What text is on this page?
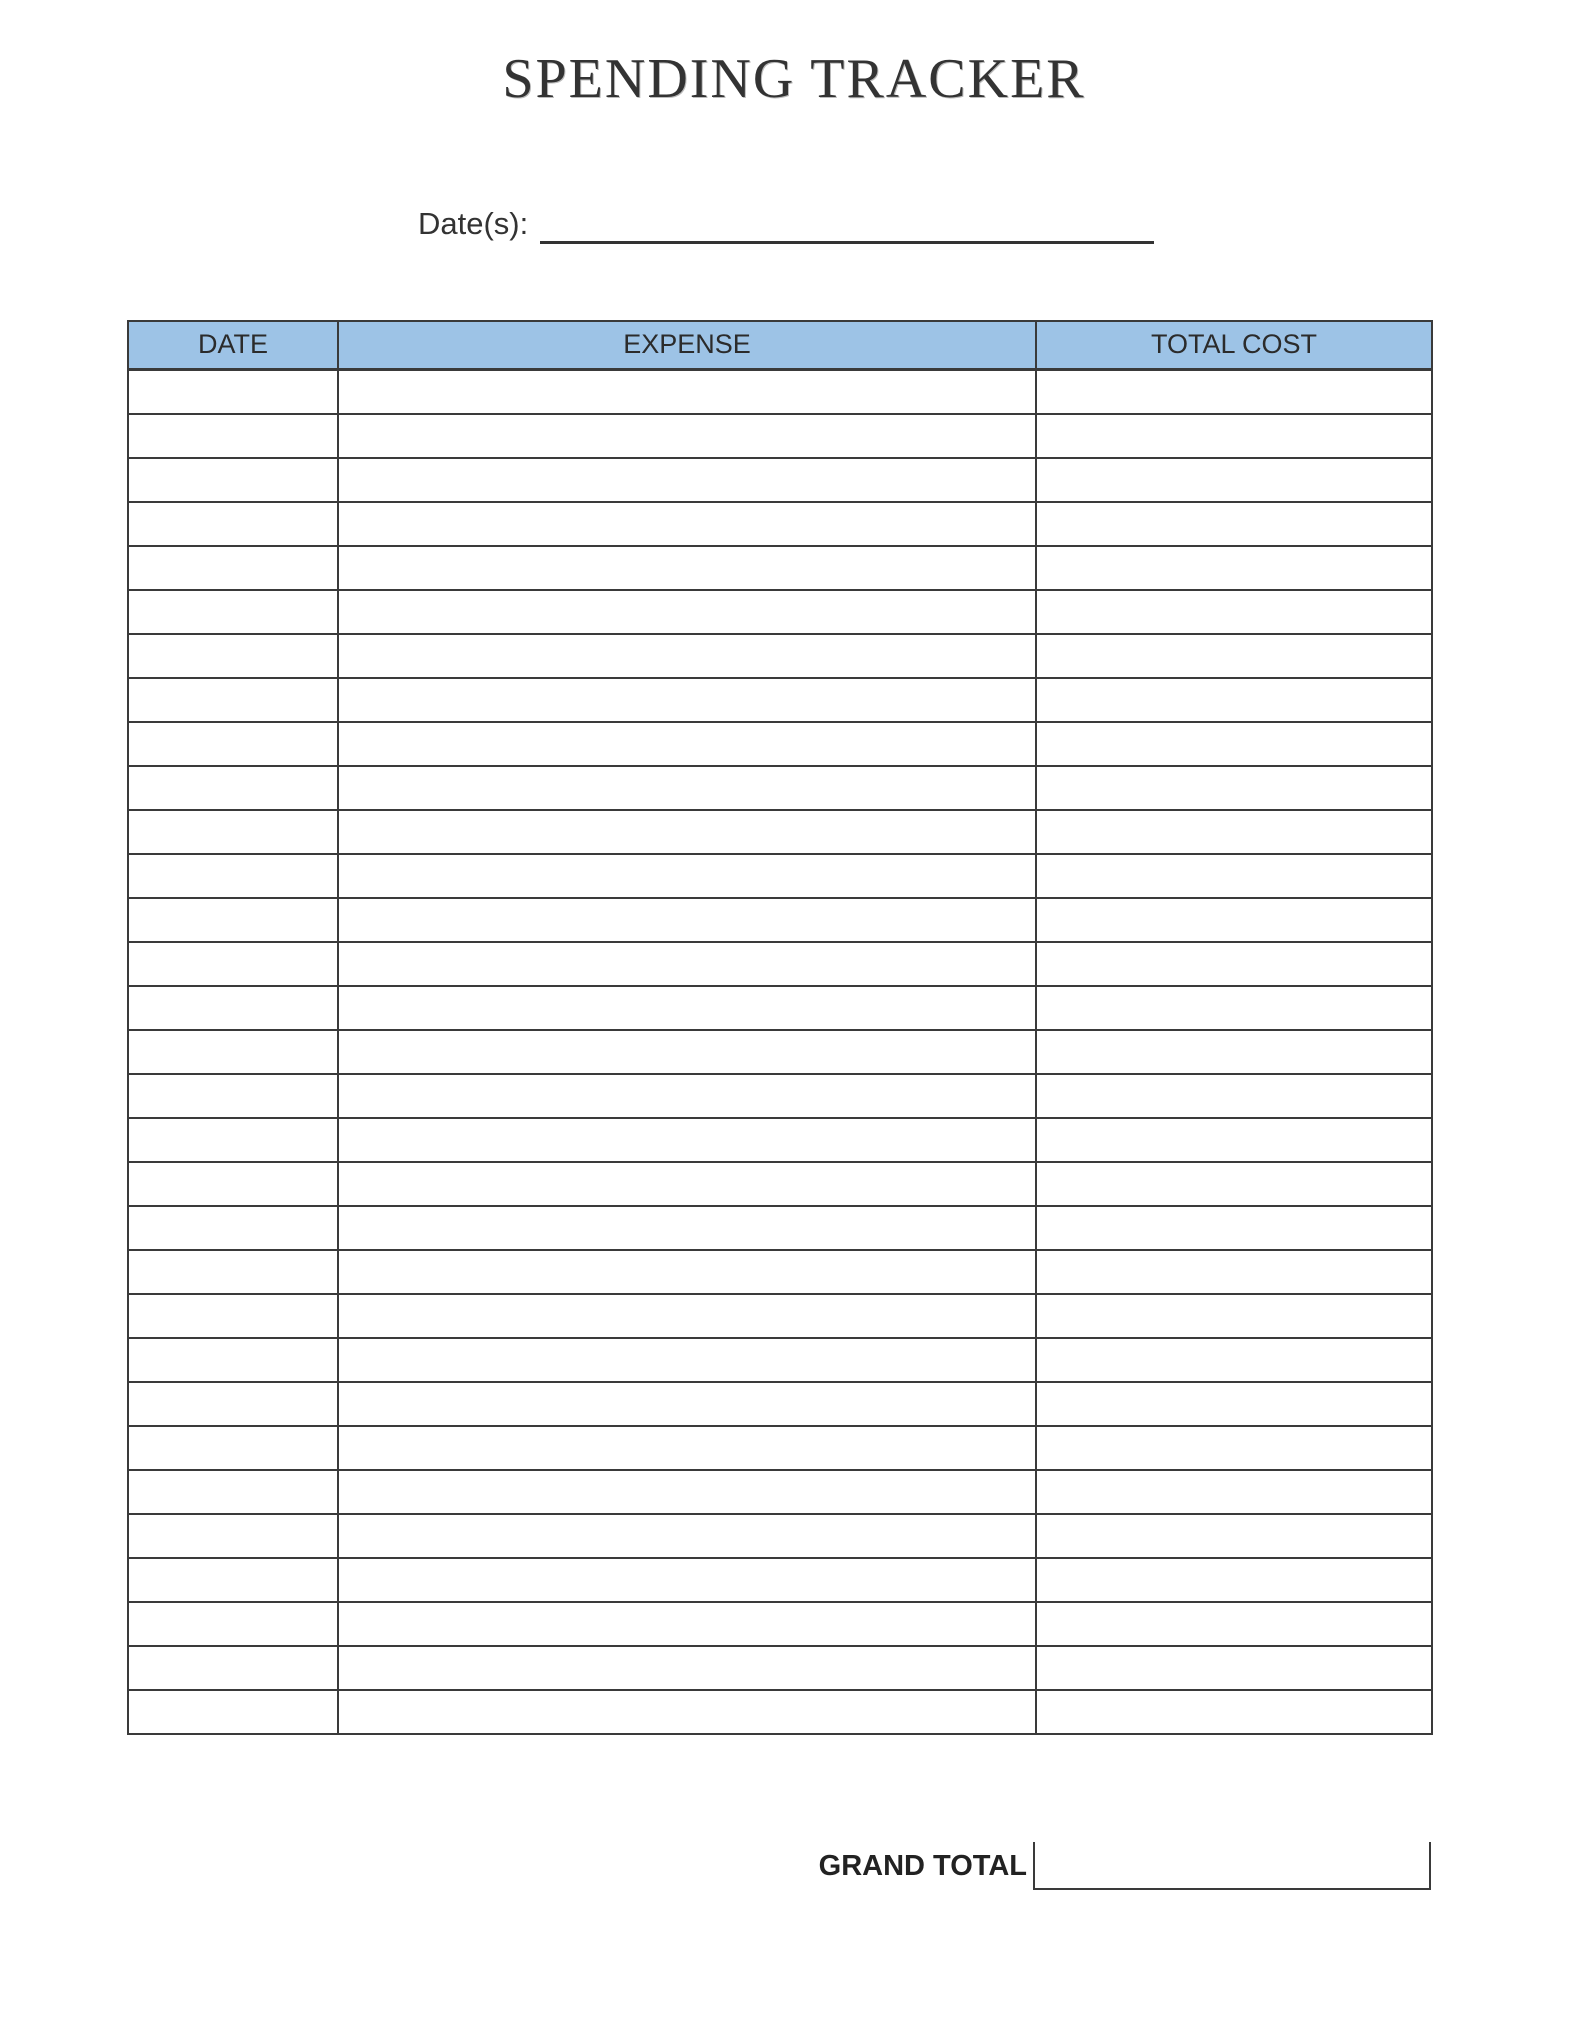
SPENDING TRACKER
Date(s):
DATE	EXPENSE	TOTAL COST

GRAND TOTAL
